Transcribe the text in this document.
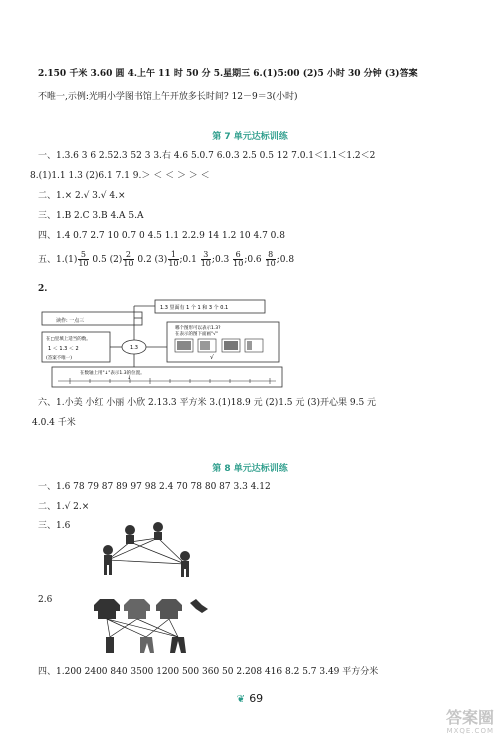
2.150 千米 3.60 圆 4.上午 11 时 50 分 5.星期三 6.(1)5:00 (2)5 小时 30 分钟 (3)答案
不唯一,示例:光明小学图书馆上午开放多长时间? 12－9＝3(小时)
第 7 单元达标训练
一、1.3.6 3 6 2.52.3 52 3 3.右 4.6 5.0.7 6.0.3 2.5 0.5 12 7.0.1＜1.1＜1.2＜2
8.(1)1.1 1.3 (2)6.1 7.1 9.＞ ＜ ＜ ＞ ＞ ＜
二、1.× 2.√ 3.√ 4.×
三、1.B 2.C 3.B 4.A 5.A
四、1.4 0.7 2.7 10 0.7 0 4.5 1.1 2.2.9 14 1.2 10 4.7 0.8
五、$1.(1) \frac{5}{10} 0.5$ $(2) \frac{2}{10} 0.2$ $(3) \frac{1}{10}$ ;0.1 $\frac{3}{10}$ ;0.3 $\frac{6}{10}$ ;0.6 $\frac{8}{10}$ ;0.8
2.
读作: 一点三
1.3 里面有 1 个 1 和 3 个 0.1
1.3
在□里填上适当的数。
1 ＜ 1.3 ＜ 2
(答案不唯一)
哪个图形可以表示1.3?
在表示的图下面画"√"
√
在数轴上用"↓"表示1.3的位置。
↓
六、1.小美 小红 小丽 小欣 2.13.3 平方米 3.(1)18.9 元 (2)1.5 元 (3)开心果 9.5 元
4.0.4 千米
第 8 单元达标训练
一、1.6 78 79 87 89 97 98 2.4 70 78 80 87 3.3 4.12
二、1.√ 2.×
三、1.6
2.6
四、1.200 2400 840 3500 1200 500 360 50 2.208 416 8.2 5.7 3.49 平方分米
❦ 69
答案圈
MXQE.COM
